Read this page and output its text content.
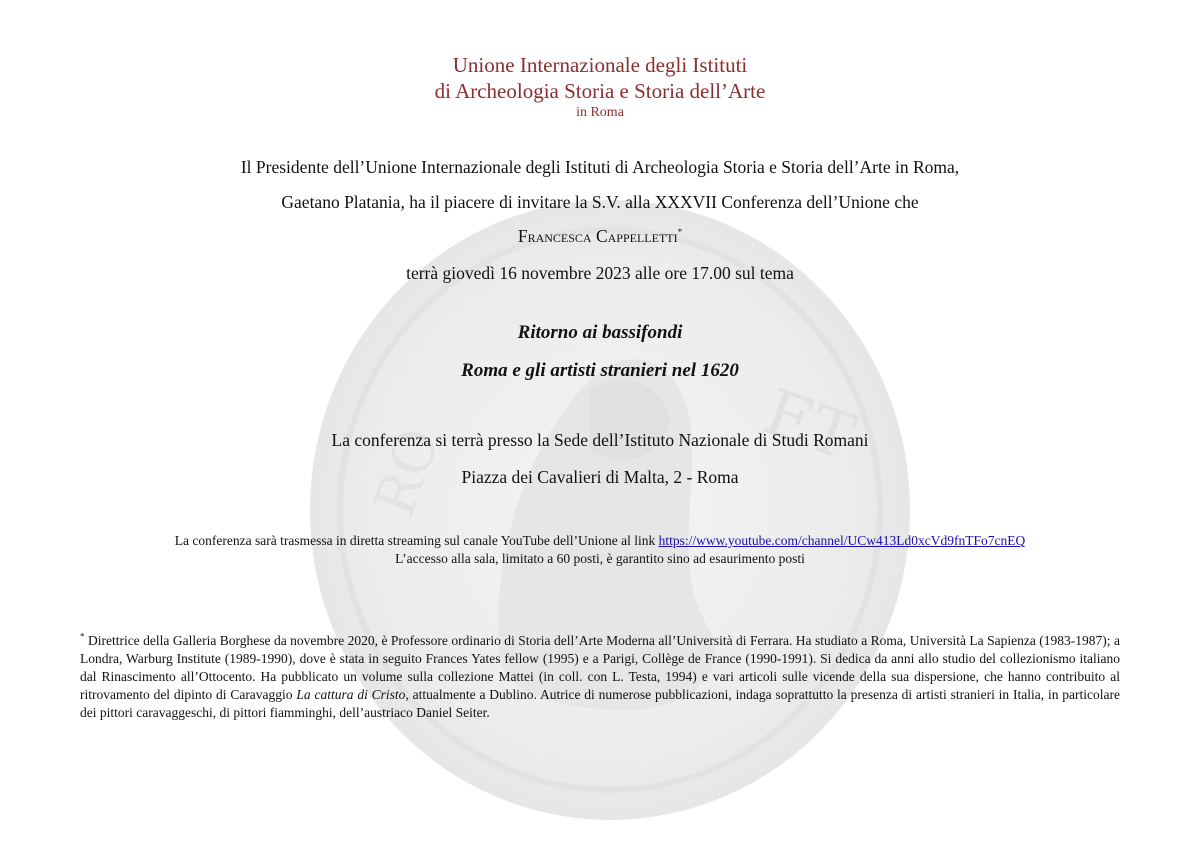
ET
RO
Unione Internazionale degli Istituti
di Archeologia Storia e Storia dell’Arte
in Roma
Il Presidente dell’Unione Internazionale degli Istituti di Archeologia Storia e Storia dell’Arte in Roma,
Gaetano Platania, ha il piacere di invitare la S.V. alla XXXVII Conferenza dell’Unione che
Francesca Cappelletti*
terrà giovedì 16 novembre 2023 alle ore 17.00 sul tema
Ritorno ai bassifondi
Roma e gli artisti stranieri nel 1620
La conferenza si terrà presso la Sede dell’Istituto Nazionale di Studi Romani
Piazza dei Cavalieri di Malta, 2 - Roma
La conferenza sarà trasmessa in diretta streaming sul canale YouTube dell’Unione al link https://www.youtube.com/channel/UCw413Ld0xcVd9fnTFo7cnEQ
L’accesso alla sala, limitato a 60 posti, è garantito sino ad esaurimento posti
* Direttrice della Galleria Borghese da novembre 2020, è Professore ordinario di Storia dell’Arte Moderna all’Università di Ferrara. Ha studiato a Roma, Università La Sapienza (1983-1987); a Londra, Warburg Institute (1989-1990), dove è stata in seguito Frances Yates fellow (1995) e a Parigi, Collège de France (1990-1991). Si dedica da anni allo studio del collezionismo italiano dal Rinascimento all’Ottocento. Ha pubblicato un volume sulla collezione Mattei (in coll. con L. Testa, 1994) e vari articoli sulle vicende della sua dispersione, che hanno contribuito al ritrovamento del dipinto di Caravaggio La cattura di Cristo, attualmente a Dublino. Autrice di numerose pubblicazioni, indaga soprattutto la presenza di artisti stranieri in Italia, in particolare dei pittori caravaggeschi, di pittori fiamminghi, dell’austriaco Daniel Seiter.
